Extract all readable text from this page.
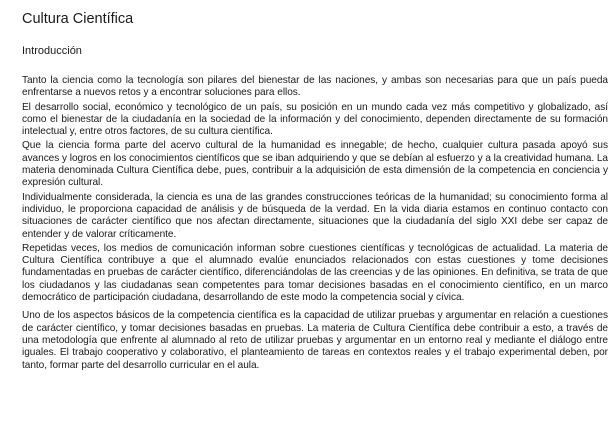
Cultura Científica
Introducción

Tanto la ciencia como la tecnología son pilares del bienestar de las naciones, y ambas son necesarias para que un país pueda enfrentarse a nuevos retos y a encontrar soluciones para ellos.

El desarrollo social, económico y tecnológico de un país, su posición en un mundo cada vez más competitivo y globalizado, así como el bienestar de la ciudadanía en la sociedad de la información y del conocimiento, dependen directamente de su formación intelectual y, entre otros factores, de su cultura científica.

Que la ciencia forma parte del acervo cultural de la humanidad es innegable; de hecho, cualquier cultura pasada apoyó sus avances y logros en los conocimientos científicos que se iban adquiriendo y que se debían al esfuerzo y a la creatividad humana. La materia denominada Cultura Científica debe, pues, contribuir a la adquisición de esta dimensión de la competencia en conciencia y expresión cultural.

Individualmente considerada, la ciencia es una de las grandes construcciones teóricas de la humanidad; su conocimiento forma al individuo, le proporciona capacidad de análisis y de búsqueda de la verdad. En la vida diaria estamos en continuo contacto con situaciones de carácter científico que nos afectan directamente, situaciones que la ciudadanía del siglo XXI debe ser capaz de entender y de valorar críticamente.

Repetidas veces, los medios de comunicación informan sobre cuestiones científicas y tecnológicas de actualidad. La materia de Cultura Científica contribuye a que el alumnado evalúe enunciados relacionados con estas cuestiones y tome decisiones fundamentadas en pruebas de carácter científico, diferenciándolas de las creencias y de las opiniones. En definitiva, se trata de que los ciudadanos y las ciudadanas sean competentes para tomar decisiones basadas en el conocimiento científico, en un marco democrático de participación ciudadana, desarrollando de este modo la competencia social y cívica.

Uno de los aspectos básicos de la competencia científica es la capacidad de utilizar pruebas y argumentar en relación a cuestiones de carácter científico, y tomar decisiones basadas en pruebas. La materia de Cultura Científica debe contribuir a esto, a través de una metodología que enfrente al alumnado al reto de utilizar pruebas y argumentar en un entorno real y mediante el diálogo entre iguales. El trabajo cooperativo y colaborativo, el planteamiento de tareas en contextos reales y el trabajo experimental deben, por tanto, formar parte del desarrollo curricular en el aula.
